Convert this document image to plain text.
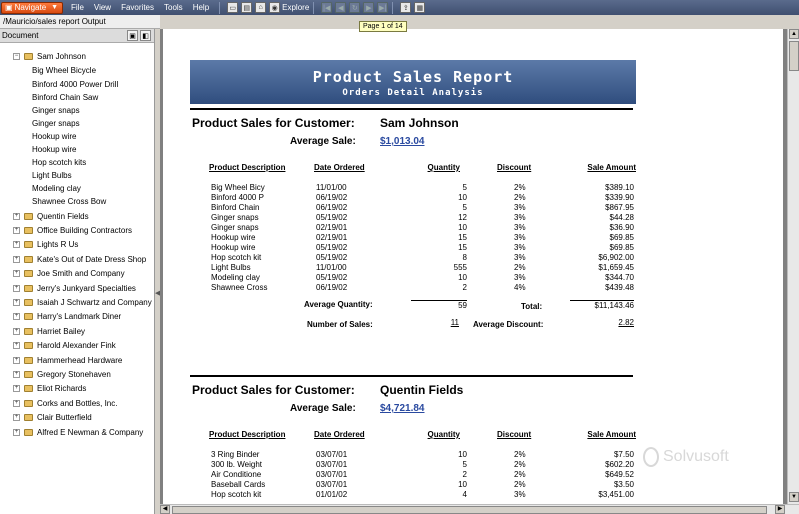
▣ Navigate ▼ File View Favorites Tools Help	▭	▤	⌂	◉ Explore |◀	◀	↻	▶	▶|	⇪	▦
Page 1 of 14
/Mauricio/sales report Output
Document	▣ ◧
− Sam Johnson
Big Wheel Bicycle
Binford 4000 Power Drill
Binford Chain Saw
Ginger snaps
Ginger snaps
Hookup wire
Hookup wire
Hop scotch kits
Light Bulbs
Modeling clay
Shawnee Cross Bow
+ Quentin Fields
+ Office Building Contractors
+ Lights R Us
+ Kate's Out of Date Dress Shop
+ Joe Smith and Company
+ Jerry's Junkyard Specialties
+ Isaiah J Schwartz and Company
+ Harry's Landmark Diner
+ Harriet Bailey
+ Harold Alexander Fink
+ Hammerhead Hardware
+ Gregory Stonehaven
+ Eliot Richards
+ Corks and Bottles, Inc.
+ Clair Butterfield
+ Alfred E Newman & Company
◀
Product Sales Report
Orders Detail Analysis
Solvusoft
Product Sales for Customer: Sam Johnson
Average Sale: $1,013.04
Product Description	Date Ordered	Quantity	Discount	Sale Amount
Big Wheel Bicy	11/01/00	5	2%	$389.10
Binford 4000 P	06/19/02	10	2%	$339.90
Binford Chain	06/19/02	5	3%	$867.95
Ginger snaps	05/19/02	12	3%	$44.28
Ginger snaps	02/19/01	10	3%	$36.90
Hookup wire	02/19/01	15	3%	$69.85
Hookup wire	05/19/02	15	3%	$69.85
Hop scotch kit	05/19/02	8	3%	$6,902.00
Light Bulbs	11/01/00	555	2%	$1,659.45
Modeling clay	05/19/02	10	3%	$344.70
Shawnee Cross	06/19/02	2	4%	$439.48
Average Quantity:	59	Total:	$11,143.46
Number of Sales:	11 Average Discount:	2.82
Product Sales for Customer: Quentin Fields
Average Sale: $4,721.84
Product Description	Date Ordered	Quantity	Discount	Sale Amount
3 Ring Binder	03/07/01	10	2%	$7.50
300 lb. Weight	03/07/01	5	2%	$602.20
Air Conditione	03/07/01	2	2%	$649.52
Baseball Cards	03/07/01	10	2%	$3.50
Hop scotch kit	01/01/02	4	3%	$3,451.00
▲
▼
◀	▶
